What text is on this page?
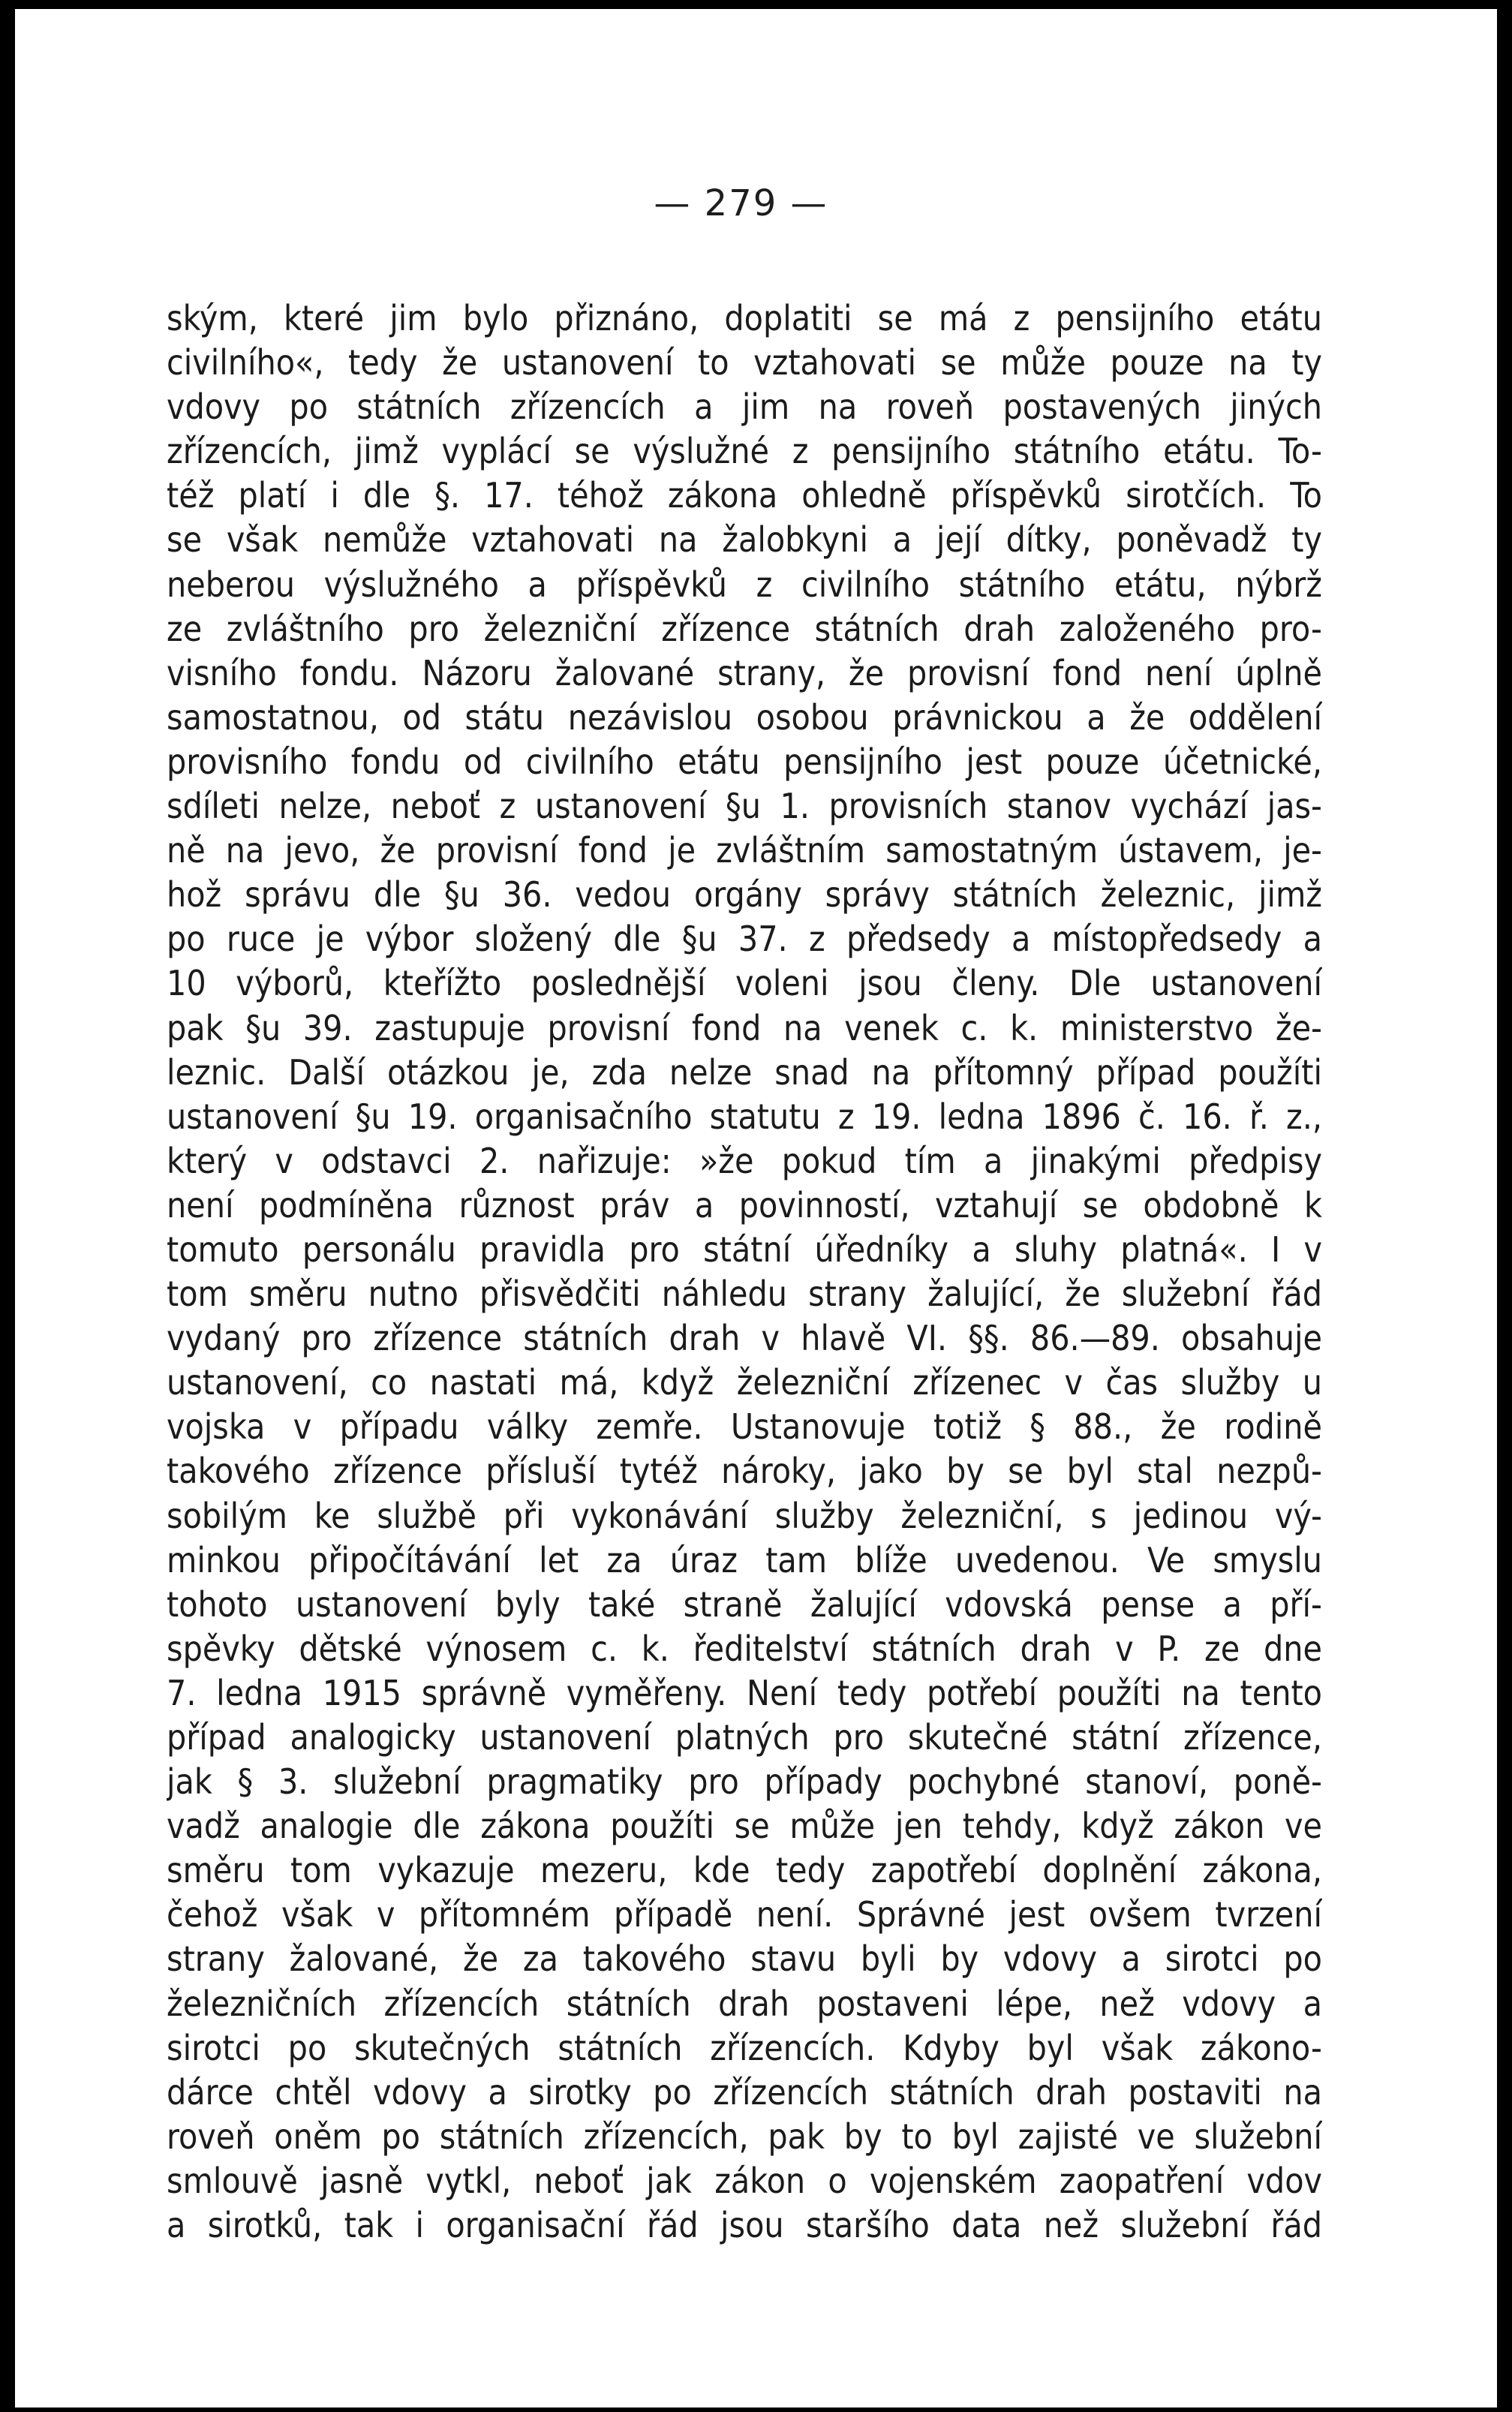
— 279 —
ským, které jim bylo přiznáno, doplatiti se má z pensijního etátu
civilního«, tedy že ustanovení to vztahovati se může pouze na ty
vdovy po státních zřízencích a jim na roveň postavených jiných
zřízencích, jimž vyplácí se výslužné z pensijního státního etátu. To-
též platí i dle §. 17. téhož zákona ohledně příspěvků sirotčích. To
se však nemůže vztahovati na žalobkyni a její dítky, poněvadž ty
neberou výslužného a příspěvků z civilního státního etátu, nýbrž
ze zvláštního pro železniční zřízence státních drah založeného pro-
visního fondu. Názoru žalované strany, že provisní fond není úplně
samostatnou, od státu nezávislou osobou právnickou a že oddělení
provisního fondu od civilního etátu pensijního jest pouze účetnické,
sdíleti nelze, neboť z ustanovení §u 1. provisních stanov vychází jas-
ně na jevo, že provisní fond je zvláštním samostatným ústavem, je-
hož správu dle §u 36. vedou orgány správy státních železnic, jimž
po ruce je výbor složený dle §u 37. z předsedy a místopředsedy a
10 výborů, kteřížto poslednější voleni jsou členy. Dle ustanovení
pak §u 39. zastupuje provisní fond na venek c. k. ministerstvo že-
leznic. Další otázkou je, zda nelze snad na přítomný případ použíti
ustanovení §u 19. organisačního statutu z 19. ledna 1896 č. 16. ř. z.,
který v odstavci 2. nařizuje: »že pokud tím a jinakými předpisy
není podmíněna různost práv a povinností, vztahují se obdobně k
tomuto personálu pravidla pro státní úředníky a sluhy platná«. I v
tom směru nutno přisvědčiti náhledu strany žalující, že služební řád
vydaný pro zřízence státních drah v hlavě VI. §§. 86.—89. obsahuje
ustanovení, co nastati má, když železniční zřízenec v čas služby u
vojska v případu války zemře. Ustanovuje totiž § 88., že rodině
takového zřízence přísluší tytéž nároky, jako by se byl stal nezpů-
sobilým ke službě při vykonávání služby železniční, s jedinou vý-
minkou připočítávání let za úraz tam blíže uvedenou. Ve smyslu
tohoto ustanovení byly také straně žalující vdovská pense a pří-
spěvky dětské výnosem c. k. ředitelství státních drah v P. ze dne
7. ledna 1915 správně vyměřeny. Není tedy potřebí použíti na tento
případ analogicky ustanovení platných pro skutečné státní zřízence,
jak § 3. služební pragmatiky pro případy pochybné stanoví, poně-
vadž analogie dle zákona použíti se může jen tehdy, když zákon ve
směru tom vykazuje mezeru, kde tedy zapotřebí doplnění zákona,
čehož však v přítomném případě není. Správné jest ovšem tvrzení
strany žalované, že za takového stavu byli by vdovy a sirotci po
železničních zřízencích státních drah postaveni lépe, než vdovy a
sirotci po skutečných státních zřízencích. Kdyby byl však zákono-
dárce chtěl vdovy a sirotky po zřízencích státních drah postaviti na
roveň oněm po státních zřízencích, pak by to byl zajisté ve služební
smlouvě jasně vytkl, neboť jak zákon o vojenském zaopatření vdov
a sirotků, tak i organisační řád jsou staršího data než služební řád
